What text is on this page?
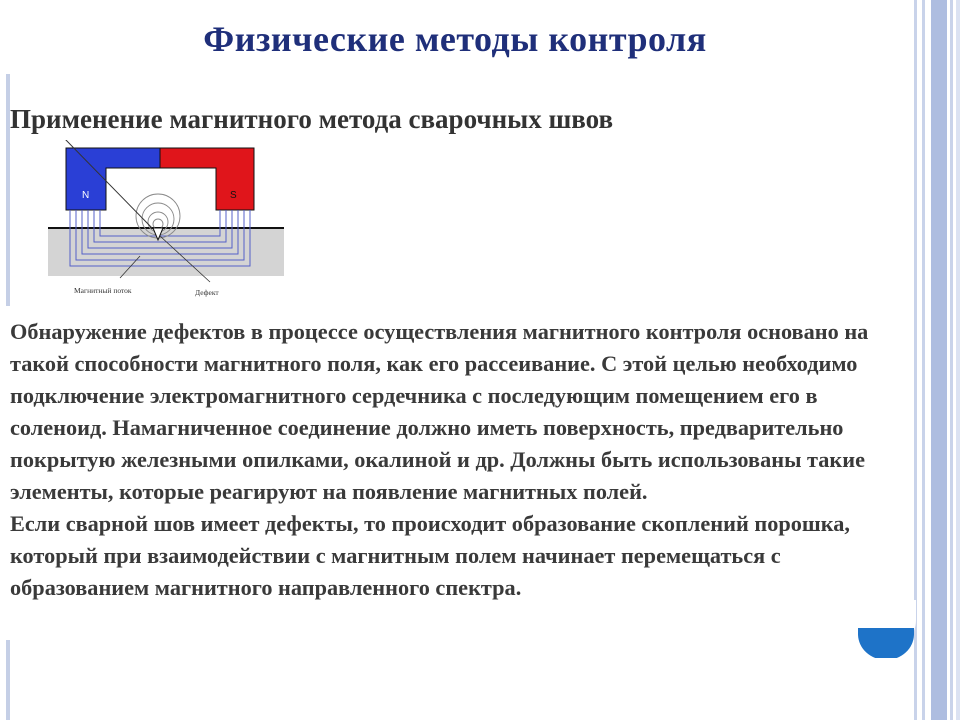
Физические методы контроля
Применение магнитного метода сварочных швов
N	S
Магнитный поток	Дефект

Обнаружение дефектов в процессе осуществления магнитного контроля основано на такой способности магнитного поля, как его рассеивание. С этой целью необходимо подключение электромагнитного сердечника с последующим помещением его в соленоид. Намагниченное соединение должно иметь поверхность, предварительно покрытую железными опилками, окалиной и др. Должны быть использованы такие элементы, которые реагируют на появление магнитных полей.

Если сварной шов имеет дефекты, то происходит образование скоплений порошка, который при взаимодействии с магнитным полем начинает перемещаться с образованием магнитного направленного спектра.
